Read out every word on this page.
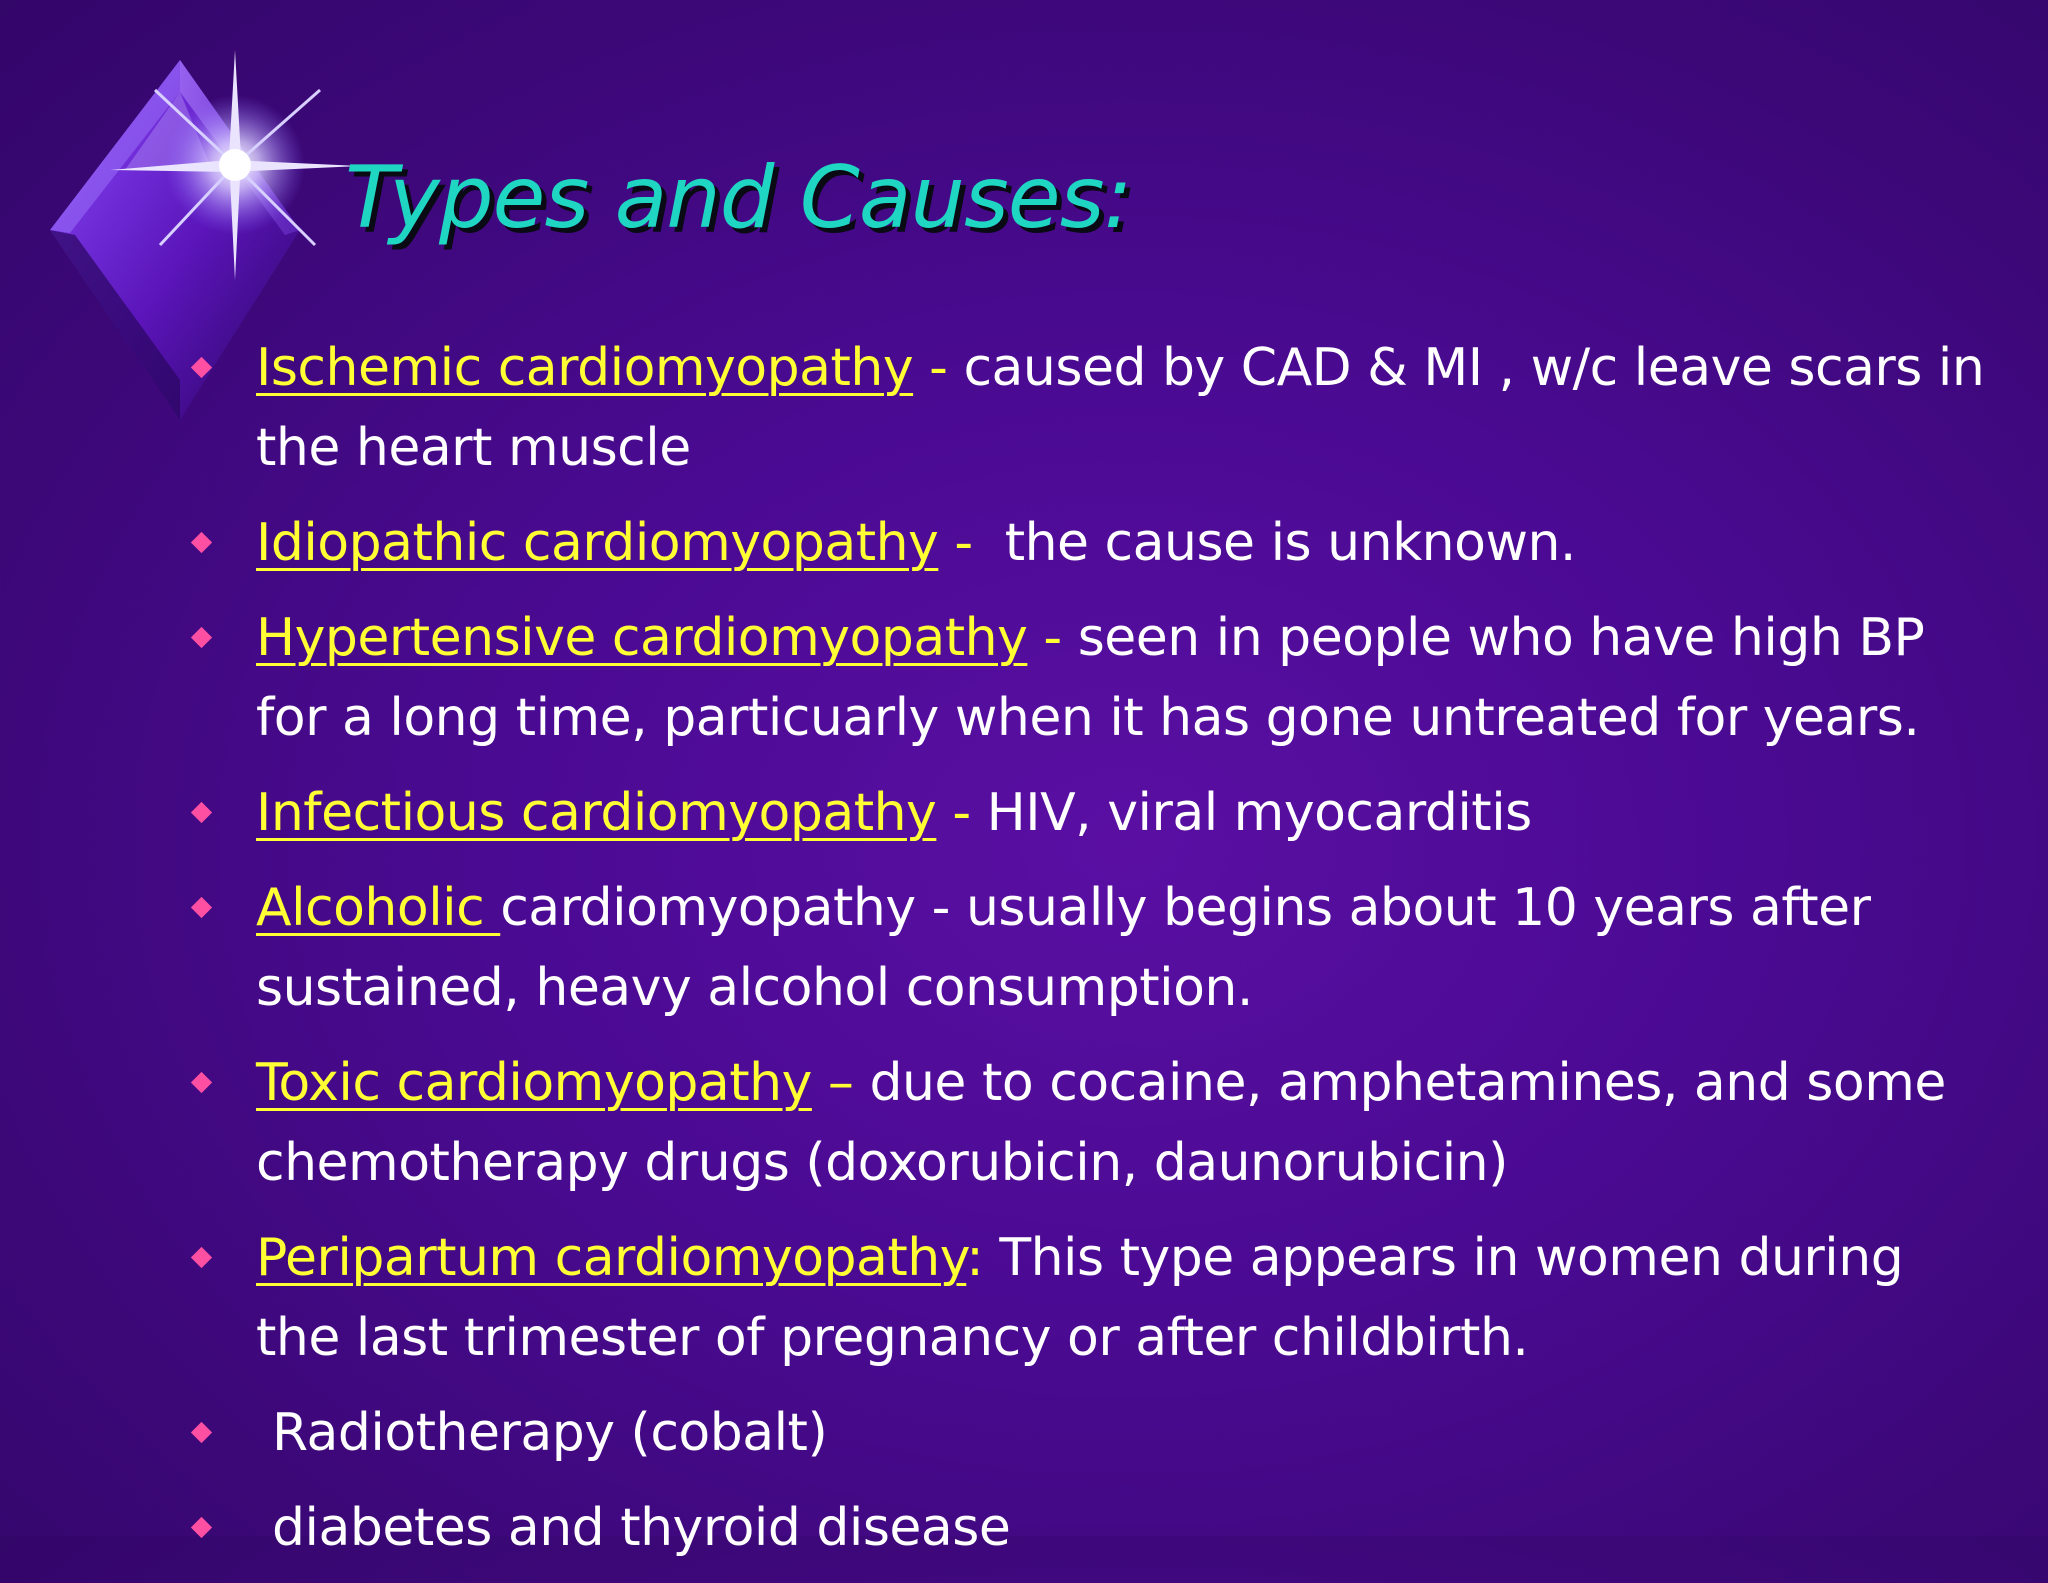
Types and Causes:
Ischemic cardiomyopathy - caused by CAD & MI , w/c leave scars in the heart muscle
Idiopathic cardiomyopathy -  the cause is unknown.
Hypertensive cardiomyopathy - seen in people who have high BP for a long time, particuarly when it has gone untreated for years.
Infectious cardiomyopathy - HIV, viral myocarditis
Alcoholic cardiomyopathy - usually begins about 10 years after sustained, heavy alcohol consumption.
Toxic cardiomyopathy – due to cocaine, amphetamines, and some chemotherapy drugs (doxorubicin, daunorubicin)
Peripartum cardiomyopathy: This type appears in women during the last trimester of pregnancy or after childbirth.
Radiotherapy (cobalt)
diabetes and thyroid disease
